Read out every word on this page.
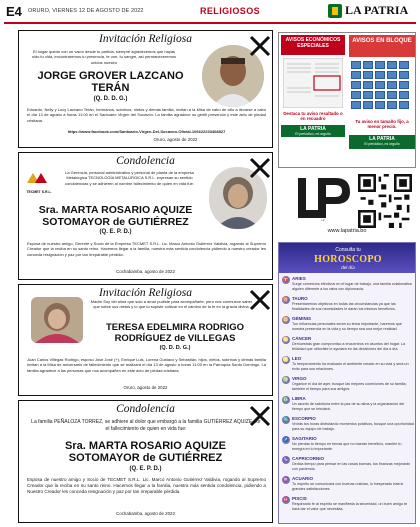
E4 ORURO, VIERNES 12 DE AGOSTO DE 2022	RELIGIOSOS	LA PATRIA
Invitación Religiosa
El hogar quedó con un vacío desde tu partida, siempre agradecemos que hayas sido tu vida, encontraremos tu presencia, te une, tu sangre, así permaneceremos unidos nuestro
JORGE GROVER LAZCANO
TERÁN
(Q. D. D. G.)
Eduardo, Nelly y Lucy Lazcano Terán, hermanos, sobrinos, nietos y demás familia, invitan a la Misa de cabo de año a llevarse a cabo el día 13 de agosto a horas 11:00 en el Santuario Virgen del Socavón. La familia agradece su gentil presencia y este acto de piedad cristiana.
https://www.facebook.com/Santuario-Virgen-Del-Socavon-Oficial-106622233408827
Oruro, agosto de 2022
Condolencia
TECMET S.R.L.
La Gerencia, personal administrativo y personal de planta de la empresa Metalúrgica TECNOLOGÍA METALÚRGICA S.R.L. expresan su sentido condolencias y se adhieren al nombre fallecimiento de quien en vida fue:
Sra. MARTA ROSARIO AQUIZE
SOTOMAYOR de GUTIÉRREZ
(Q. E. P. D.)
Esposa de nuestro amigo, Gerente y Socio de la Empresa TECMET S.R.L. Lic. Marco Antonio Gutiérrez Valdivia, rogando al Supremo Creador que la reciba en su santo reino. Hacemos llegar a la familia, nuestra más sentida condolencia pidiendo a nuestro creador les conceda resignación y paz por tan irreparable pérdida.
Cochabamba, agosto de 2022
Invitación Religiosa
Madre Soy del alma que solo a amar pudiste para acompañarte, pero nos conmueve saber que sobre sus nietos y lo que tú supiste cultivar en el camino de la fe en la gracia divina.
TERESA EDELMIRA RODRIGO
RODRÍGUEZ de VILLEGAS
(Q. D. D. G.)
Juan Carlos Villegas Rodrigo, esposo Jose José (+), Enrique Luis, Lorena Gustavo y Sebastián, hijos, nietos, sobrinos y demás familia invitan a la Misa de aniversario de fallecimiento que se realizará el día 13 de agosto a horas 11:00 en la Parroquia Santo Domingo. La familia agradece a las personas que nos acompañen en este acto de piedad cristiana.
Oruro, agosto de 2022
Condolencia
La familia PEÑALOZA TORREZ, se adhiere al dolor que embargó a la familia GUTIÉRREZ AQUIZE por el fallecimiento de quien en vida fue:
Sra. MARTA ROSARIO AQUIZE
SOTOMAYOR de GUTIÉRREZ
(Q. E. P. D.)
Esposa de nuestro amigo y Socio de TECMET S.R.L. Lic. Marco Antonio Gutiérrez Valdivia, rogando al Supremo Creador que la reciba en su santo reino. Hacemos llegar a la familia, nuestra más sentida condolencia, pidiendo a Nuestro Creador les conceda resignación y paz por tan irreparable pérdida.
Cochabamba, agosto de 2022
AVISOS ECONÓMICOS ESPECIALES
Destaca tu aviso resaltado o en recuadro
LA PATRIA
El periódico, mi orgullo
AVISOS EN BLOQUE
Tu aviso en tamaño fijo, a menor precio.
LA PATRIA
El periódico, mi orgullo
LP
www.lapatria.bo
Consulta tu
HOROSCOPO
del día
♈ ARIES
Surge comercios efectivos en el lugar de trabajo, una familia colaborativa alguien diferente a los ratos con diplomacia.
♉ TAURO
Presentaremos objetivos en todas las circunstancias ya que las finalidades de sus necesidades le darán los mismos beneficios.
♊ GÉMINIS
Tus influencias personales serán su tema importante, haremos que nuestra presencia en la vida y su tiempo sea una mejor realidad.
♋ CÁNCER
Demuestras gran compromiso a encuentros en asuntos del hogar. La felicidad que obtuviste le ayudará en las decisiones del día a día.
♌ LEO
Tu temperamento ha evaluado el ambiente creado en su vida y será un éxito para sus relaciones.
♍ VIRGO
Organice el día de ayer, busque las mejores conexiones de su familia, también el tiempo para sus amigos.
♎ LIBRA
Un asunto de sabiduría entre la paz de su alma y la organización del tiempo que se brindará.
♏ ESCORPIO
Vivirás tus horas disfrutando momentos positivos, busque una oportunidad para su equipo de trabajo.
♐ SAGITARIO
No pierdas tu tiempo en temas que no traerán beneficio, mantén tu energía en lo importante.
♑ CAPRICORNIO
Dedica tiempo para pensar en las cosas buenas, tus finanzas mejorarán con paciencia.
♒ ACUARIO
Tu espíritu se comunicará con buenas noticias, lo inesperado traerá grandes satisfacciones.
♓ PISCIS
Respirando fe al espíritu se manifiesta la sinceridad, un buen amigo te hará dar el valor que necesitas.
